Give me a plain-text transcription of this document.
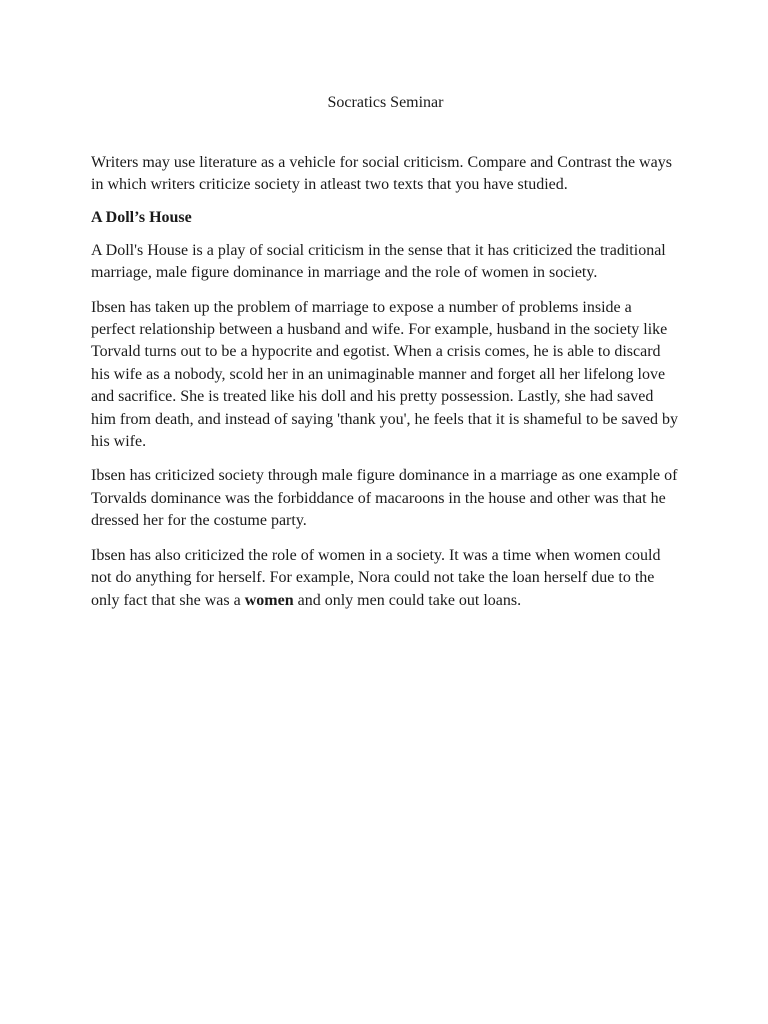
Socratics Seminar

Writers may use literature as a vehicle for social criticism. Compare and Contrast the ways in which writers criticize society in atleast two texts that you have studied.

A Doll’s House

A Doll's House is a play of social criticism in the sense that it has criticized the traditional marriage, male figure dominance in marriage and the role of women in society.

Ibsen has taken up the problem of marriage to expose a number of problems inside a perfect relationship between a husband and wife. For example, husband in the society like Torvald turns out to be a hypocrite and egotist. When a crisis comes, he is able to discard his wife as a nobody, scold her in an unimaginable manner and forget all her lifelong love and sacrifice. She is treated like his doll and his pretty possession. Lastly, she had saved him from death, and instead of saying 'thank you', he feels that it is shameful to be saved by his wife.

Ibsen has criticized society through male figure dominance in a marriage as one example of Torvalds dominance was the forbiddance of macaroons in the house and other was that he dressed her for the costume party.

Ibsen has also criticized the role of women in a society. It was a time when women could not do anything for herself. For example, Nora could not take the loan herself due to the only fact that she was a women and only men could take out loans.
